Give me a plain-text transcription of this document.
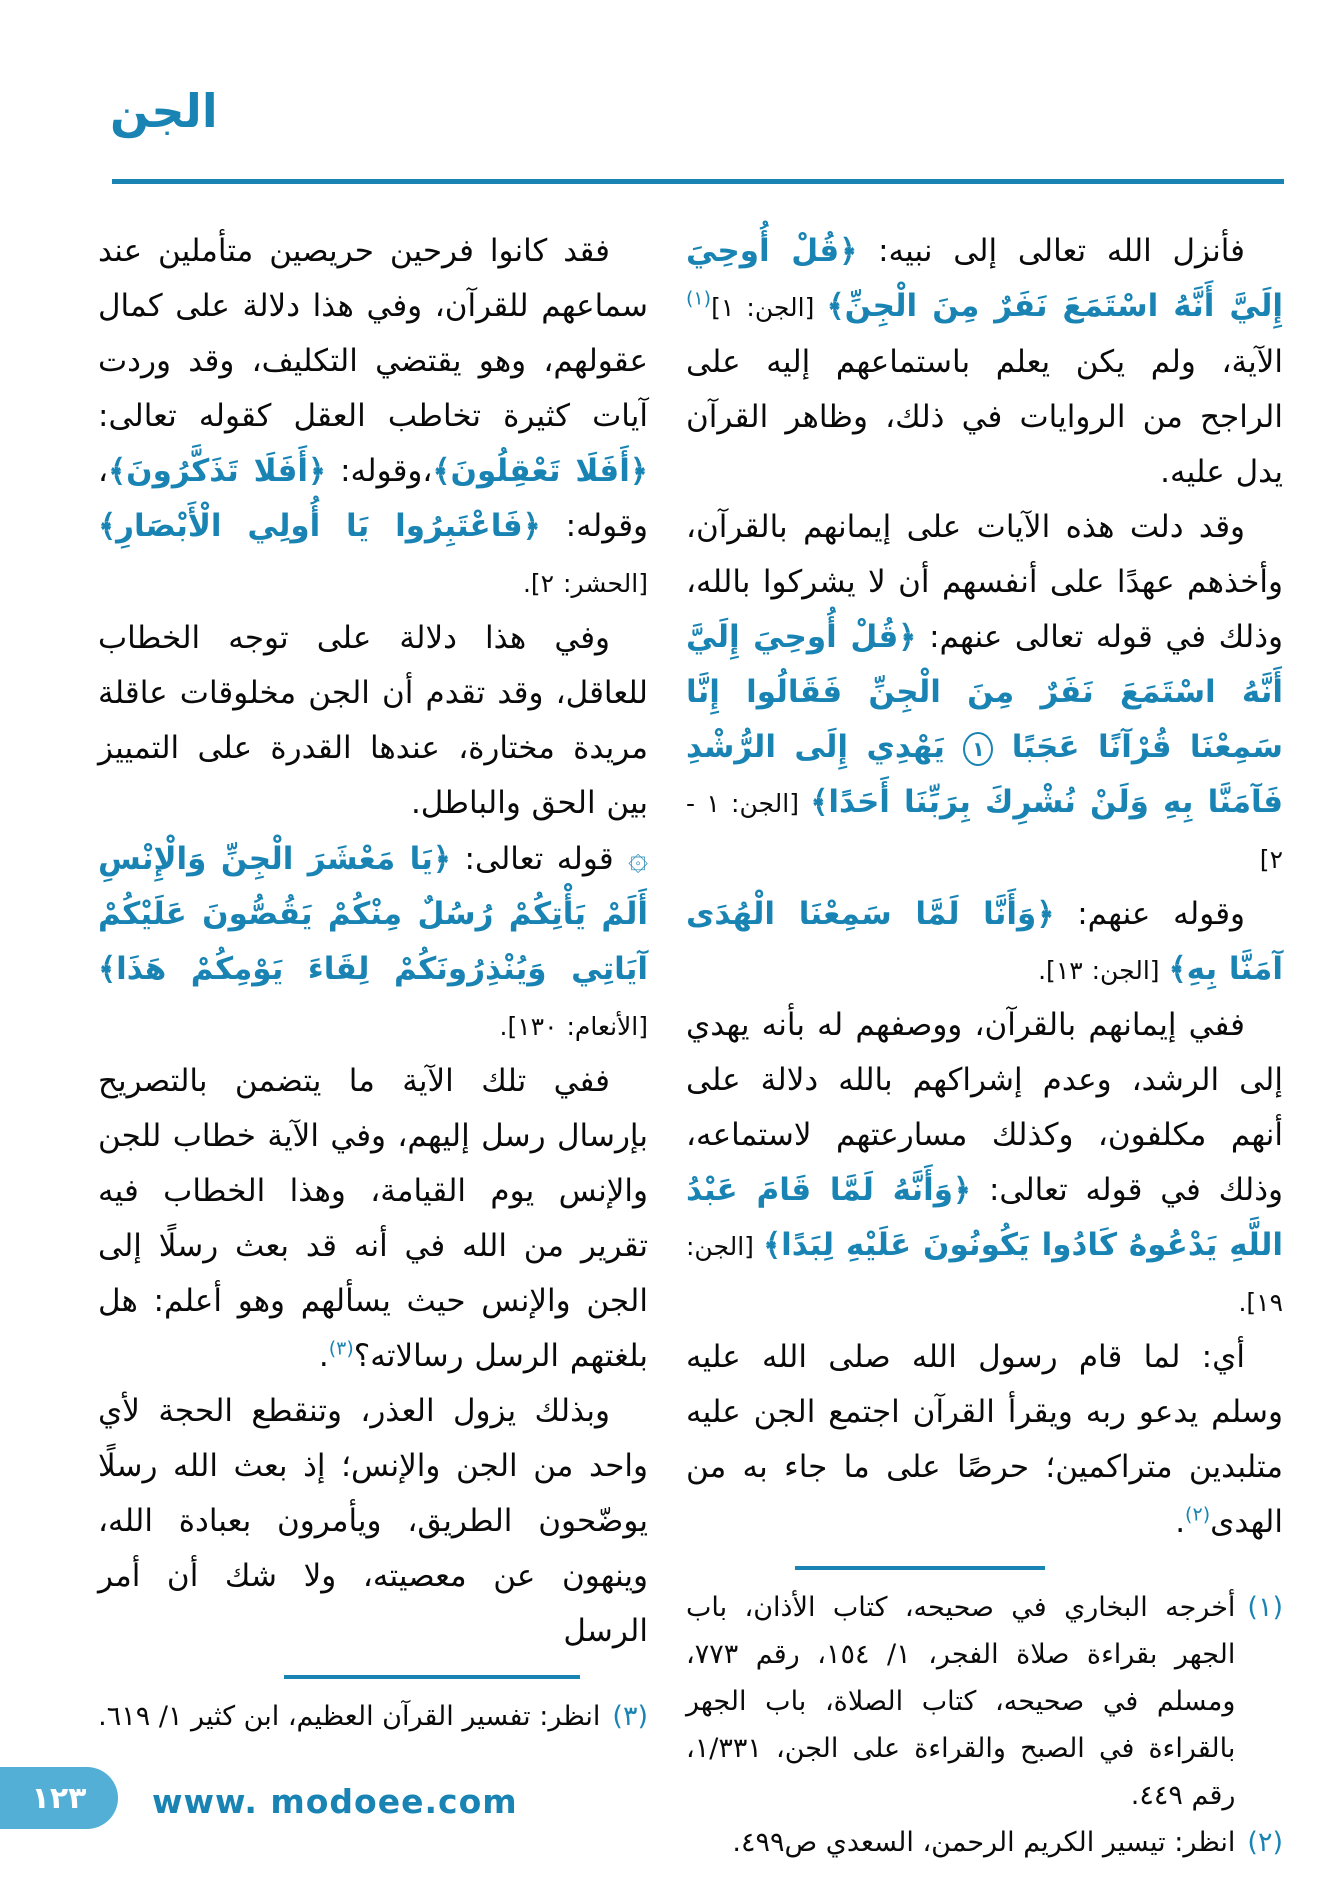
الجن

فأنزل الله تعالى إلى نبيه: ﴿قُلْ أُوحِيَ إِلَيَّ أَنَّهُ اسْتَمَعَ نَفَرٌ مِنَ الْجِنِّ﴾ [الجن: ١]$^{(١)}$ الآية، ولم يكن يعلم باستماعهم إليه على الراجح من الروايات في ذلك، وظاهر القرآن يدل عليه.

وقد دلت هذه الآيات على إيمانهم بالقرآن، وأخذهم عهدًا على أنفسهم أن لا يشركوا بالله، وذلك في قوله تعالى عنهم: ﴿قُلْ أُوحِيَ إِلَيَّ أَنَّهُ اسْتَمَعَ نَفَرٌ مِنَ الْجِنِّ فَقَالُوا إِنَّا سَمِعْنَا قُرْآنًا عَجَبًا ١ يَهْدِي إِلَى الرُّشْدِ فَآمَنَّا بِهِ وَلَنْ نُشْرِكَ بِرَبِّنَا أَحَدًا﴾ [الجن: ١ - ٢]

وقوله عنهم: ﴿وَأَنَّا لَمَّا سَمِعْنَا الْهُدَى آمَنَّا بِهِ﴾ [الجن: ١٣].

ففي إيمانهم بالقرآن، ووصفهم له بأنه يهدي إلى الرشد، وعدم إشراكهم بالله دلالة على أنهم مكلفون، وكذلك مسارعتهم لاستماعه، وذلك في قوله تعالى: ﴿وَأَنَّهُ لَمَّا قَامَ عَبْدُ اللَّهِ يَدْعُوهُ كَادُوا يَكُونُونَ عَلَيْهِ لِبَدًا﴾ [الجن: ١٩].

أي: لما قام رسول الله صلى الله عليه وسلم يدعو ربه ويقرأ القرآن اجتمع الجن عليه متلبدين متراكمين؛ حرصًا على ما جاء به من الهدى$^{(٢)}$.

(١)
أخرجه البخاري في صحيحه، كتاب الأذان، باب الجهر بقراءة صلاة الفجر، ١/ ١٥٤، رقم ٧٧٣، ومسلم في صحيحه، كتاب الصلاة، باب الجهر بالقراءة في الصبح والقراءة على الجن، ١/٣٣١، رقم ٤٤٩.
(٢)
انظر: تيسير الكريم الرحمن، السعدي ص٤٩٩.

فقد كانوا فرحين حريصين متأملين عند سماعهم للقرآن، وفي هذا دلالة على كمال عقولهم، وهو يقتضي التكليف، وقد وردت آيات كثيرة تخاطب العقل كقوله تعالى: ﴿أَفَلَا تَعْقِلُونَ﴾،وقوله: ﴿أَفَلَا تَذَكَّرُونَ﴾، وقوله: ﴿فَاعْتَبِرُوا يَا أُولِي الْأَبْصَارِ﴾ [الحشر: ٢].

وفي هذا دلالة على توجه الخطاب للعاقل، وقد تقدم أن الجن مخلوقات عاقلة مريدة مختارة، عندها القدرة على التمييز بين الحق والباطل.

۞ قوله تعالى: ﴿يَا مَعْشَرَ الْجِنِّ وَالْإِنْسِ أَلَمْ يَأْتِكُمْ رُسُلٌ مِنْكُمْ يَقُصُّونَ عَلَيْكُمْ آيَاتِي وَيُنْذِرُونَكُمْ لِقَاءَ يَوْمِكُمْ هَذَا﴾ [الأنعام: ١٣٠].

ففي تلك الآية ما يتضمن بالتصريح بإرسال رسل إليهم، وفي الآية خطاب للجن والإنس يوم القيامة، وهذا الخطاب فيه تقرير من الله في أنه قد بعث رسلًا إلى الجن والإنس حيث يسألهم وهو أعلم: هل بلغتهم الرسل رسالاته؟$^{(٣)}$.

وبذلك يزول العذر، وتنقطع الحجة لأي واحد من الجن والإنس؛ إذ بعث الله رسلًا يوضّحون الطريق، ويأمرون بعبادة الله، وينهون عن معصيته، ولا شك أن أمر الرسل

(٣)
انظر: تفسير القرآن العظيم، ابن كثير ١/ ٦١٩.
١٢٣ www. modoee.com
